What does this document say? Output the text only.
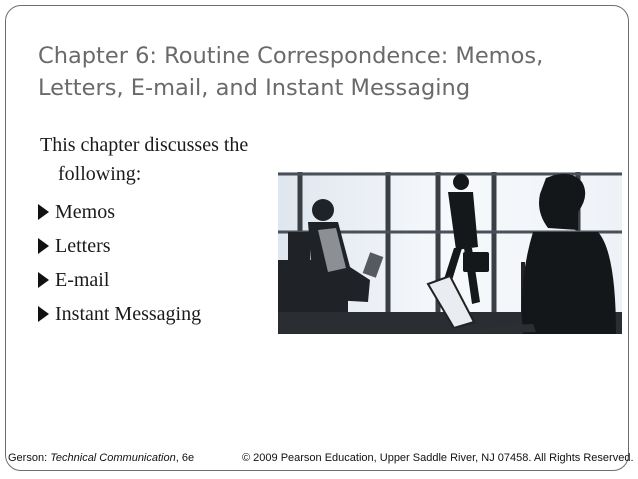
Chapter 6: Routine Correspondence: Memos,
Letters, E-mail, and Instant Messaging

This chapter discusses the
following:

Memos
Letters
E-mail
Instant Messaging
Gerson: Technical Communication, 6e	© 2009 Pearson Education, Upper Saddle River, NJ 07458. All Rights Reserved.
